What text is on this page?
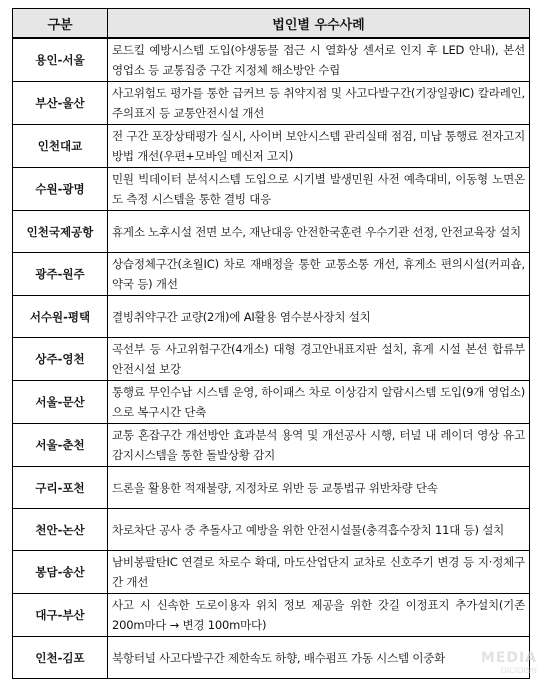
구분	법인별 우수사례
용인-서울	로드킬 예방시스템 도입(야생동물 접근 시 열화상 센서로 인지 후 LED 안내), 본선 영업소 등 교통집중 구간 지정체 해소방안 수립
부산-울산	사고위험도 평가를 통한 급커브 등 취약지점 및 사고다발구간(기장일광IC) 칼라레인, 주의표지 등 교통안전시설 개선
인천대교	전 구간 포장상태평가 실시, 사이버 보안시스템 관리실태 점검, 미납 통행료 전자고지방법 개선(우편+모바일 메신저 고지)
수원-광명	민원 빅데이터 분석시스템 도입으로 시기별 발생민원 사전 예측대비, 이동형 노면온도 측정 시스템을 통한 결빙 대응
인천국제공항	휴게소 노후시설 전면 보수, 재난대응 안전한국훈련 우수기관 선정, 안전교육장 설치
광주-원주	상습정체구간(초월IC) 차로 재배정을 통한 교통소통 개선, 휴게소 편의시설(커피숍, 약국 등) 개선
서수원-평택	결빙취약구간 교량(2개)에 AI활용 염수분사장치 설치
상주-영천	곡선부 등 사고위험구간(4개소) 대형 경고안내표지판 설치, 휴게 시설 본선 합류부 안전시설 보강
서울-문산	통행료 무인수납 시스템 운영, 하이패스 차로 이상감지 알람시스템 도입(9개 영업소)으로 복구시간 단축
서울-춘천	교통 혼잡구간 개선방안 효과분석 용역 및 개선공사 시행, 터널 내 레이더 영상 유고감지시스템을 통한 돌발상황 감지
구리-포천	드론을 활용한 적재불량, 지정차로 위반 등 교통법규 위반차량 단속
천안-논산	차로차단 공사 중 추돌사고 예방을 위한 안전시설물(충격흡수장치 11대 등) 설치
봉담-송산	남비봉팔탄IC 연결로 차로수 확대, 마도산업단지 교차로 신호주기 변경 등 지·정체구간 개선
대구-부산	사고 시 신속한 도로이용자 위치 정보 제공을 위한 갓길 이정표지 추가설치(기존 200m마다 → 변경 100m마다)
인천-김포	북항터널 사고다발구간 제한속도 하향, 배수펌프 가동 시스템 이중화	MEDIA
DICIOISH
